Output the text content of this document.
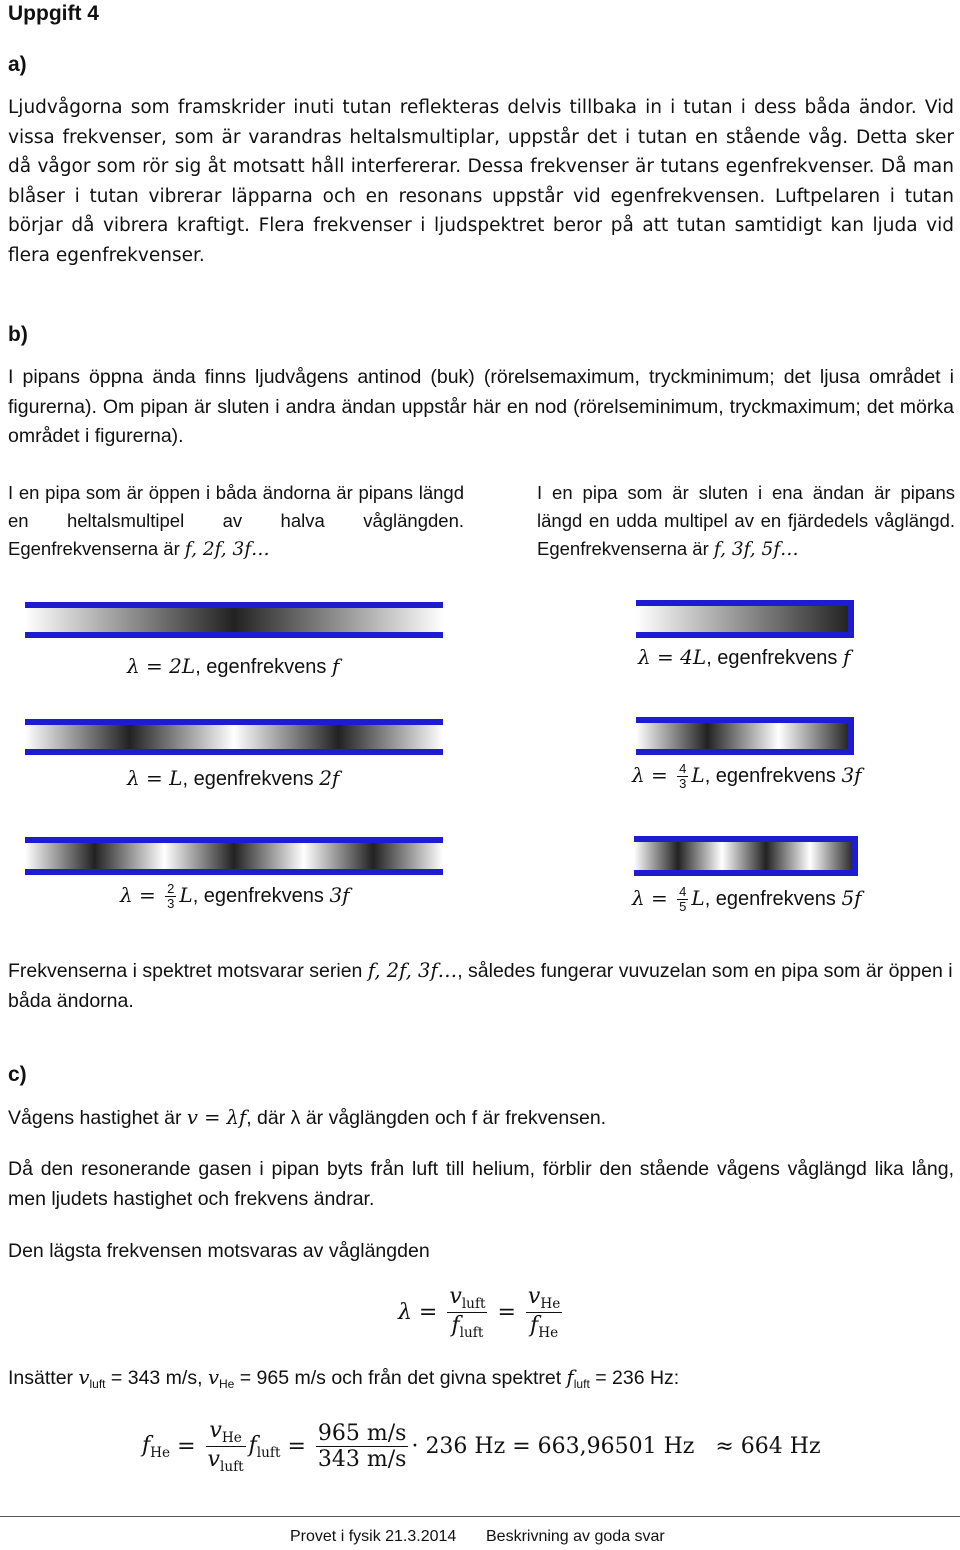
Uppgift 4
a)
Ljudvågorna som framskrider inuti tutan reflekteras delvis tillbaka in i tutan i dess båda ändor. Vid vissa frekvenser, som är varandras heltalsmultiplar, uppstår det i tutan en stående våg. Detta sker då vågor som rör sig åt motsatt håll interfererar. Dessa frekvenser är tutans egenfrekvenser. Då man blåser i tutan vibrerar läpparna och en resonans uppstår vid egenfrekvensen. Luftpelaren i tutan börjar då vibrera kraftigt. Flera frekvenser i ljudspektret beror på att tutan samtidigt kan ljuda vid flera egenfrekvenser.
b)
I pipans öppna ända finns ljudvågens antinod (buk) (rörelsemaximum, tryckminimum; det ljusa området i figurerna). Om pipan är sluten i andra ändan uppstår här en nod (rörelseminimum, tryckmaximum; det mörka området i figurerna).
I en pipa som är öppen i båda ändorna är pipans längd en heltalsmultipel av halva våglängden. Egenfrekvenserna är f, 2f, 3f…
I en pipa som är sluten i ena ändan är pipans längd en udda multipel av en fjärdedels våglängd. Egenfrekvenserna är f, 3f, 5f…
λ = 2L, egenfrekvens f
λ = L, egenfrekvens 2f
$\lambda = \frac{2}{3} L$, egenfrekvens 3f
λ = 4L, egenfrekvens f
$\lambda = \frac{4}{3} L$, egenfrekvens 3f
$\lambda = \frac{4}{5} L$, egenfrekvens 5f
Frekvenserna i spektret motsvarar serien f, 2f, 3f…, således fungerar vuvuzelan som en pipa som är öppen i båda ändorna.
c)
Vågens hastighet är v = λf, där λ är våglängden och f är frekvensen.
Då den resonerande gasen i pipan byts från luft till helium, förblir den stående vågens våglängd lika lång, men ljudets hastighet och frekvens ändrar.
Den lägsta frekvensen motsvaras av våglängden
$\lambda = \frac{v_{luft}}{f_{luft}} = \frac{v_{He}}{f_{He}}$
Insätter $v_{luft} = 343$ m/s, $v_{He} = 965$ m/s och från det givna spektret $f_{luft} = 236$ Hz:
$f_{He} = \frac{v_{He}}{v_{luft}} f_{luft} = \frac{965 m/s}{343 m/s} \cdot 236$ Hz = 663,96501 Hz ≈ 664 Hz
Provet i fysik 21.3.2014 Beskrivning av goda svar
